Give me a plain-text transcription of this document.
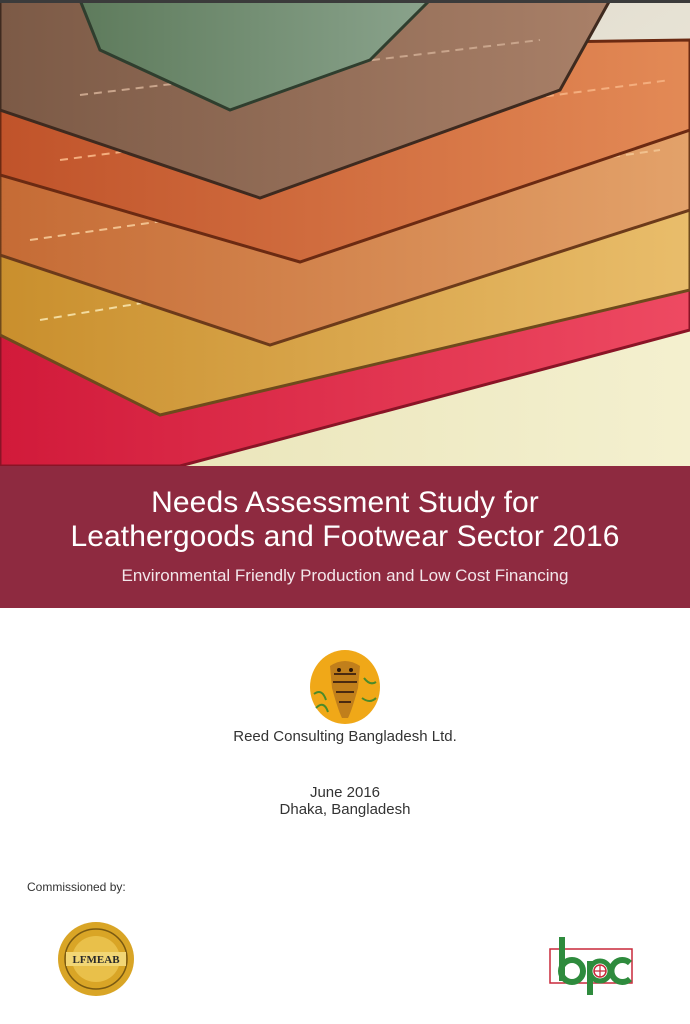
Needs Assessment Study for
Leathergoods and Footwear Sector 2016
Environmental Friendly Production and Low Cost Financing
Reed Consulting Bangladesh Ltd.
June 2016
Dhaka, Bangladesh
Commissioned by:
LFMEAB
